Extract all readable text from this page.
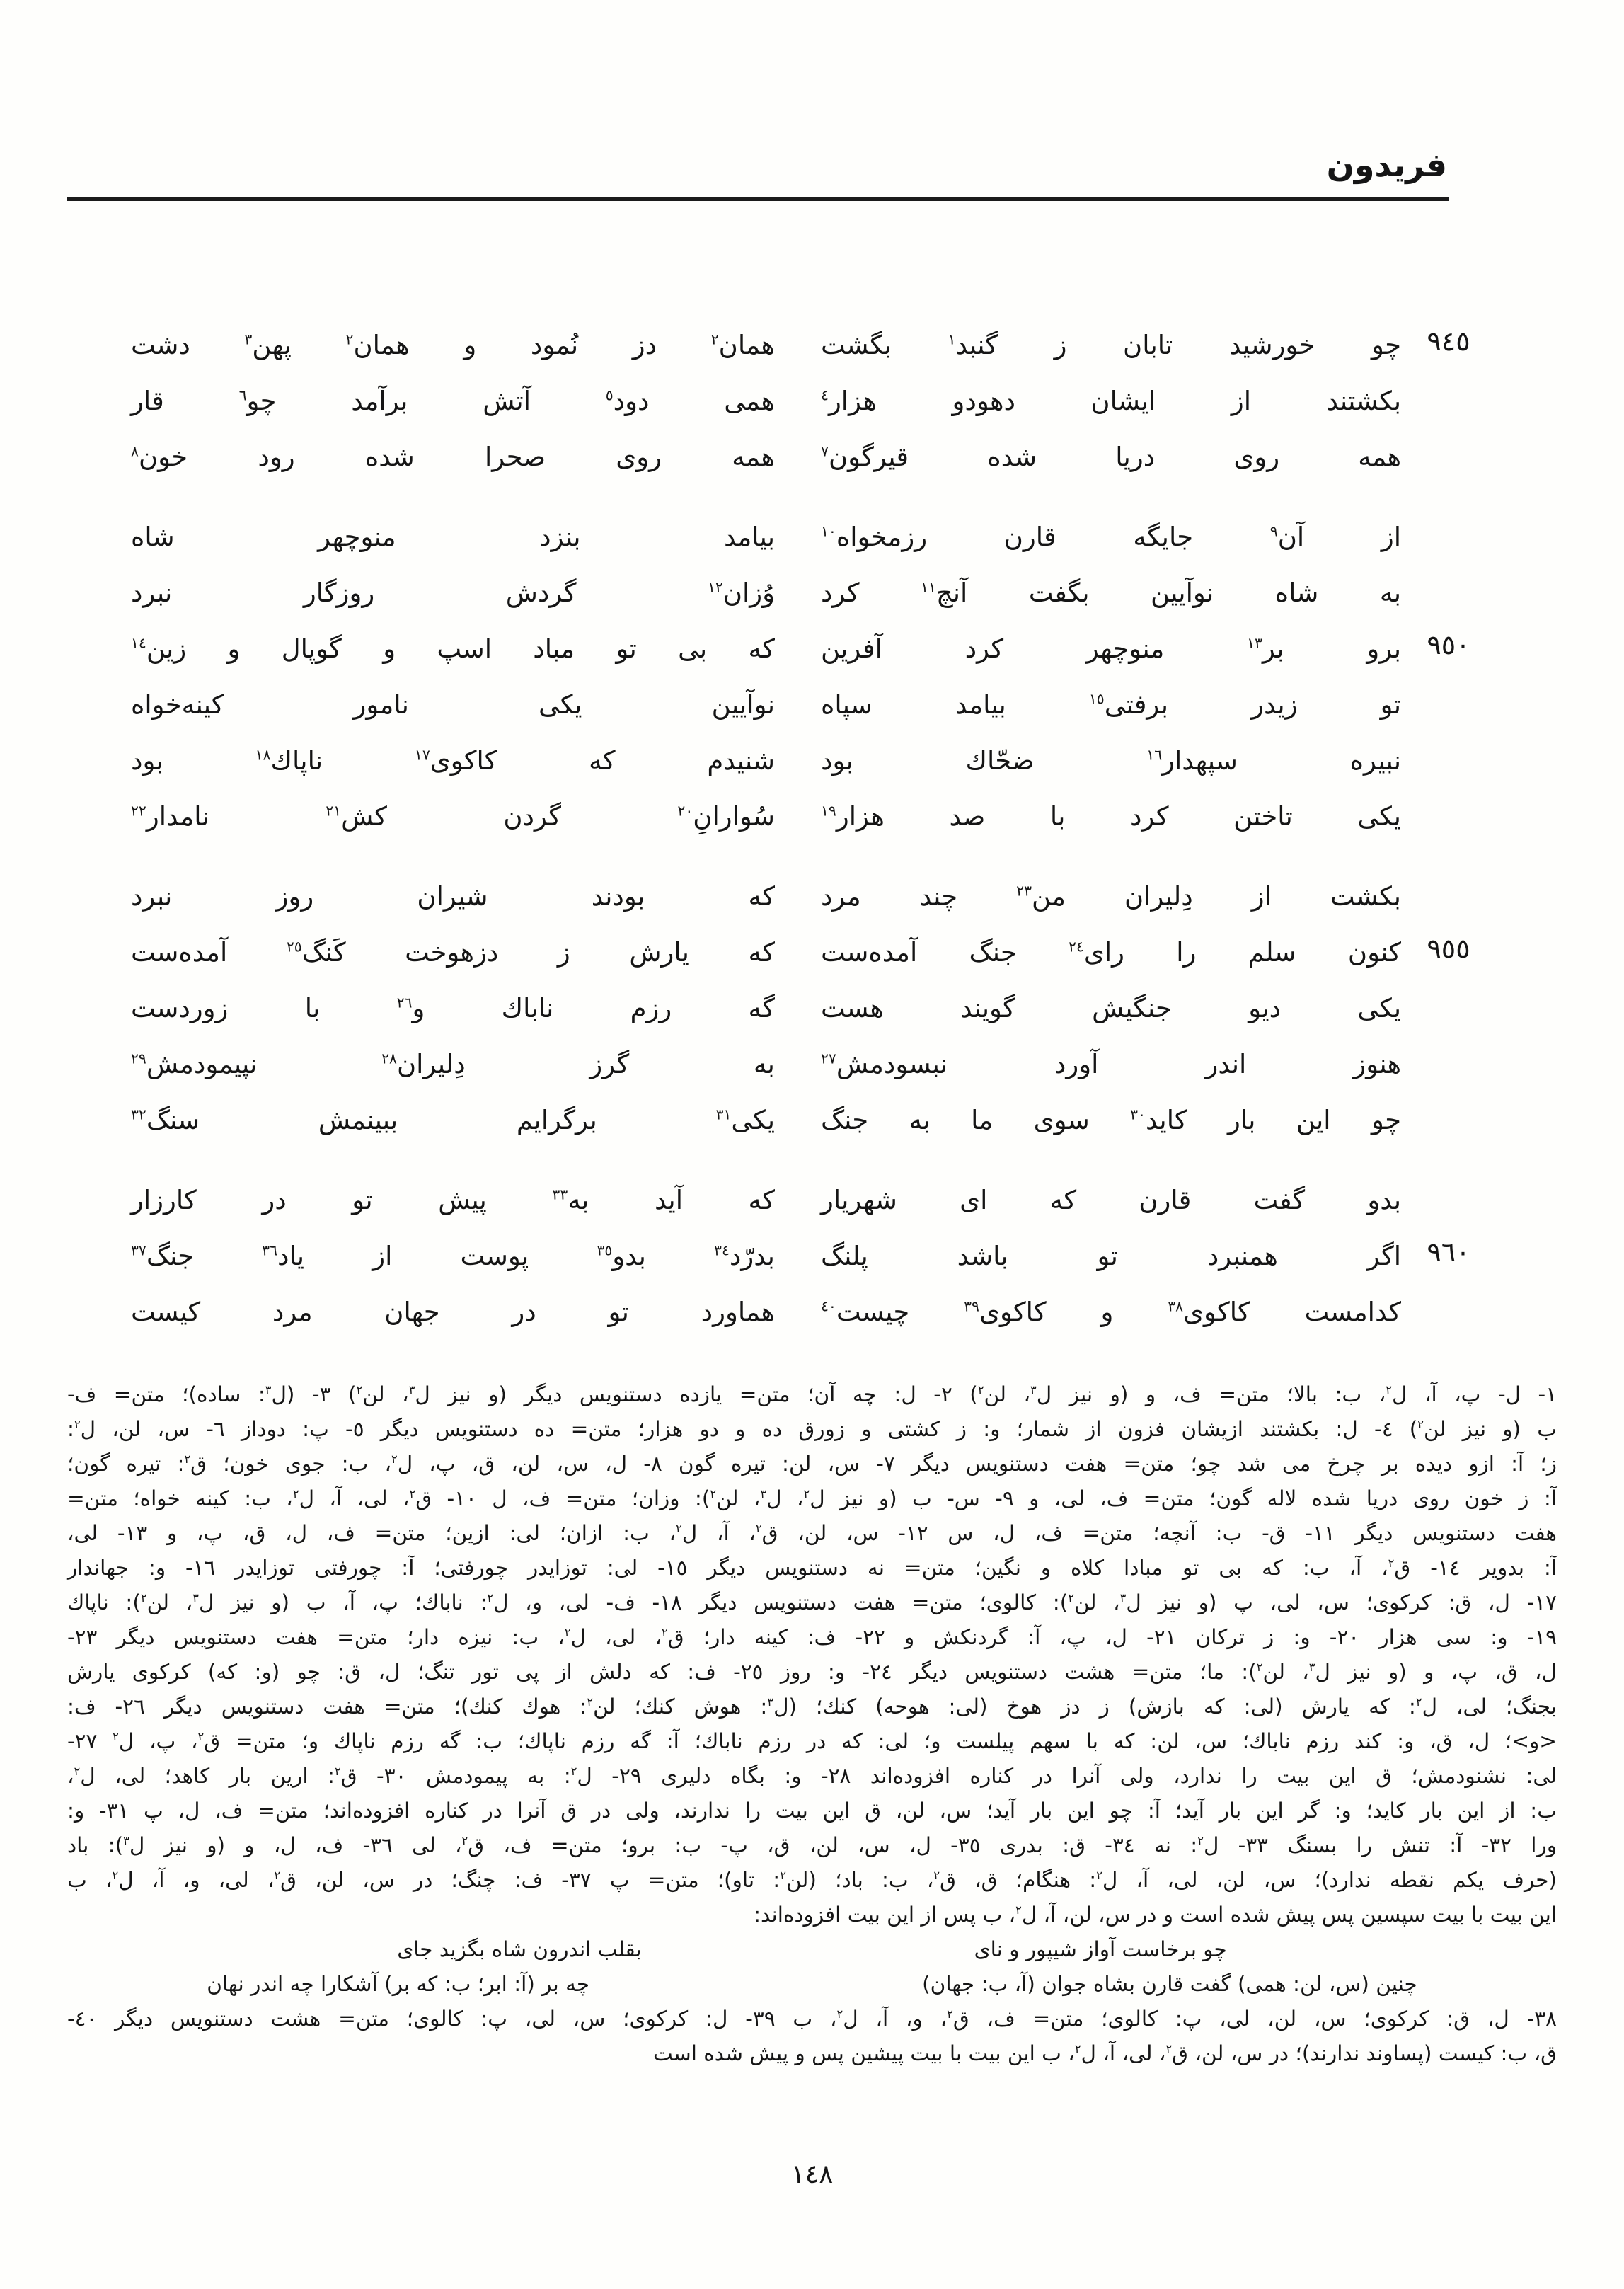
فریدون
٩٤٥
چو خورشید تابان ز گنبد$^١$ بگشت
همان$^٢$ دز نُمود و همان$^٢$ پهن$^٣$ دشت
بکشتند از ایشان دهودو هزار$^٤$
همی دود$^٥$ آتش برآمد چو$^٦$ قار
همه روی دریا شده قیرگون$^٧$
همه روی صحرا شده رود خون$^٨$
از آن$^٩$ جایگه قارن رزمخواه$^{١٠}$
بیامد بنزد منوچهر شاه
به شاه نوآیین بگفت آنچ$^{١١}$ کرد
وُزان$^{١٢}$ گردش روزگار نبرد
٩٥٠
برو بر$^{١٣}$ منوچهر کرد آفرین
که بی تو مباد اسپ و گوپال و زین$^{١٤}$
تو زیدر برفتی$^{١٥}$ بیامد سپاه
نوآیین یکی نامور کینه‌خواه
نبیره سپهدار$^{١٦}$ ضحّاك بود
شنیدم که کاکوی$^{١٧}$ ناپاك$^{١٨}$ بود
یکی تاختن کرد با صد هزار$^{١٩}$
سُوارانِ$^{٢٠}$ گردن کش$^{٢١}$ نامدار$^{٢٢}$
بکشت از دِلیران من$^{٢٣}$ چند مرد
که بودند شیران روز نبرد
٩٥٥
کنون سلم را رای$^{٢٤}$ جنگ آمده‌ست
که یارش ز دزهوخت کَنگ$^{٢٥}$ آمده‌ست
یکی دیو جنگیش گویند هست
گه رزم ناباك و$^{٢٦}$ با زوردست
هنوز اندر آورد نبسودمش$^{٢٧}$
به گرز دِلیران$^{٢٨}$ نپیمودمش$^{٢٩}$
چو این بار کاید$^{٣٠}$ سوی ما به جنگ
یکی$^{٣١}$ برگرایم ببینمش سنگ$^{٣٢}$
بدو گفت قارن که ای شهریار
که آید به$^{٣٣}$ پیش تو در کارزار
٩٦٠
اگر همنبرد تو باشد پلنگ
بدرّد$^{٣٤}$ بدو$^{٣٥}$ پوست از یاد$^{٣٦}$ جنگ$^{٣٧}$
کدامست کاکوی$^{٣٨}$ و کاکوی$^{٣٩}$ چیست$^{٤٠}$
هماورد تو در جهان مرد کیست
١- ل- پ، آ، ل$^٢$، ب: بالا؛ متن= ف، و (و نیز ل$^٣$، لن$^٢$) ٢- ل: چه آن؛ متن= یازده دستنویس دیگر (و نیز ل$^٣$، لن$^٢$) ٣- (ل$^٣$: ساده)؛ متن= ف-
ب (و نیز لن$^٢$) ٤- ل: بکشتند ازیشان فزون از شمار؛ و: ز کشتی و زورق ده و دو هزار؛ متن= ده دستنویس دیگر ٥- پ: دوداز ٦- س، لن، ل$^٢$:
ز؛ آ: ازو دیده بر چرخ می شد چو؛ متن= هفت دستنویس دیگر ٧- س، لن: تیره گون ٨- ل، س، لن، ق، پ، ل$^٢$، ب: جوی خون؛ ق$^٢$: تیره گون؛
آ: ز خون روی دریا شده لاله گون؛ متن= ف، لی، و ٩- س- ب (و نیز ل$^٢$، ل$^٣$، لن$^٢$): وزان؛ متن= ف، ل ١٠- ق$^٢$، لی، آ، ل$^٢$، ب: کینه خواه؛ متن=
هفت دستنویس دیگر ١١- ق- ب: آنچه؛ متن= ف، ل، س ١٢- س، لن، ق$^٢$، آ، ل$^٢$، ب: ازان؛ لی: ازین؛ متن= ف، ل، ق، پ، و ١٣- لی،
آ: بدویر ١٤- ق$^٢$، آ، ب: که بی تو مبادا کلاه و نگین؛ متن= نه دستنویس دیگر ١٥- لی: توزایدر چورفتی؛ آ: چورفتی توزایدر ١٦- و: جهاندار
١٧- ل، ق: کرکوی؛ س، لی، پ (و نیز ل$^٣$، لن$^٢$): کالوی؛ متن= هفت دستنویس دیگر ١٨- ف- لی، و، ل$^٢$: ناباك؛ پ، آ، ب (و نیز ل$^٣$، لن$^٢$): ناپاك
١٩- و: سی هزار ٢٠- و: ز ترکان ٢١- ل، پ، آ: گردنکش و ٢٢- ف: کینه دار؛ ق$^٢$، لی، ل$^٢$، ب: نیزه دار؛ متن= هفت دستنویس دیگر ٢٣-
ل، ق، پ، و (و نیز ل$^٣$، لن$^٢$): ما؛ متن= هشت دستنویس دیگر ٢٤- و: روز ٢٥- ف: که دلش از پی تور تنگ؛ ل، ق: چو (و: که) کرکوی یارش
بجنگ؛ لی، ل$^٢$: که یارش (لی: که بازش) ز دز هوخ (لی: هوحه) کنك؛ (ل$^٣$: هوش کنك؛ لن$^٢$: هوك کنك)؛ متن= هفت دستنویس دیگر ٢٦- ف:
<و>؛ ل، ق، و: کند رزم ناباك؛ س، لن: که با سهم پیلست و؛ لی: که در رزم ناباك؛ آ: گه رزم ناپاك؛ ب: گه رزم ناپاك و؛ متن= ق$^٢$، پ، ل$^٢$ ٢٧-
لی: نشنودمش؛ ق این بیت را ندارد، ولی آنرا در کناره افزوده‌اند ٢٨- و: بگاه دلیری ٢٩- ل$^٢$: به پیمودمش ٣٠- ق$^٢$: ارین بار کاهد؛ لی، ل$^٢$،
ب: از این بار کاید؛ و: گر این بار آید؛ آ: چو این بار آید؛ س، لن، ق این بیت را ندارند، ولی در ق آنرا در کناره افزوده‌اند؛ متن= ف، ل، پ ٣١- و:
ورا ٣٢- آ: تنش را بسنگ ٣٣- ل$^٢$: نه ٣٤- ق: بدری ٣٥- ل، س، لن، ق، پ- ب: برو؛ متن= ف، ق$^٢$، لی ٣٦- ف، ل، و (و نیز ل$^٣$): باد
(حرف یکم نقطه ندارد)؛ س، لن، لی، آ، ل$^٢$: هنگام؛ ق، ق$^٢$، ب: باد؛ (لن$^٢$: تاو)؛ متن= پ ٣٧- ف: چنگ؛ در س، لن، ق$^٢$، لی، و، آ، ل$^٢$، ب
این بیت با بیت سپسین پس پیش شده است و در س، لن، آ، ل$^٢$، ب پس از این بیت افزوده‌اند:
چو برخاست آواز شیپور و نای
بقلب اندرون شاه بگزید جای
چنین (س، لن: همی) گفت قارن بشاه جوان (آ، ب: جهان)
چه بر (آ: ابر؛ ب: که بر) آشکارا چه اندر نهان
٣٨- ل، ق: کرکوی؛ س، لن، لی، پ: کالوی؛ متن= ف، ق$^٢$، و، آ، ل$^٢$، ب ٣٩- ل: کرکوی؛ س، لی، پ: کالوی؛ متن= هشت دستنویس دیگر ٤٠-
ق، ب: کیست (پساوند ندارند)؛ در س، لن، ق$^٢$، لی، آ، ل$^٢$، ب این بیت با بیت پیشین پس و پیش شده است
١٤٨
